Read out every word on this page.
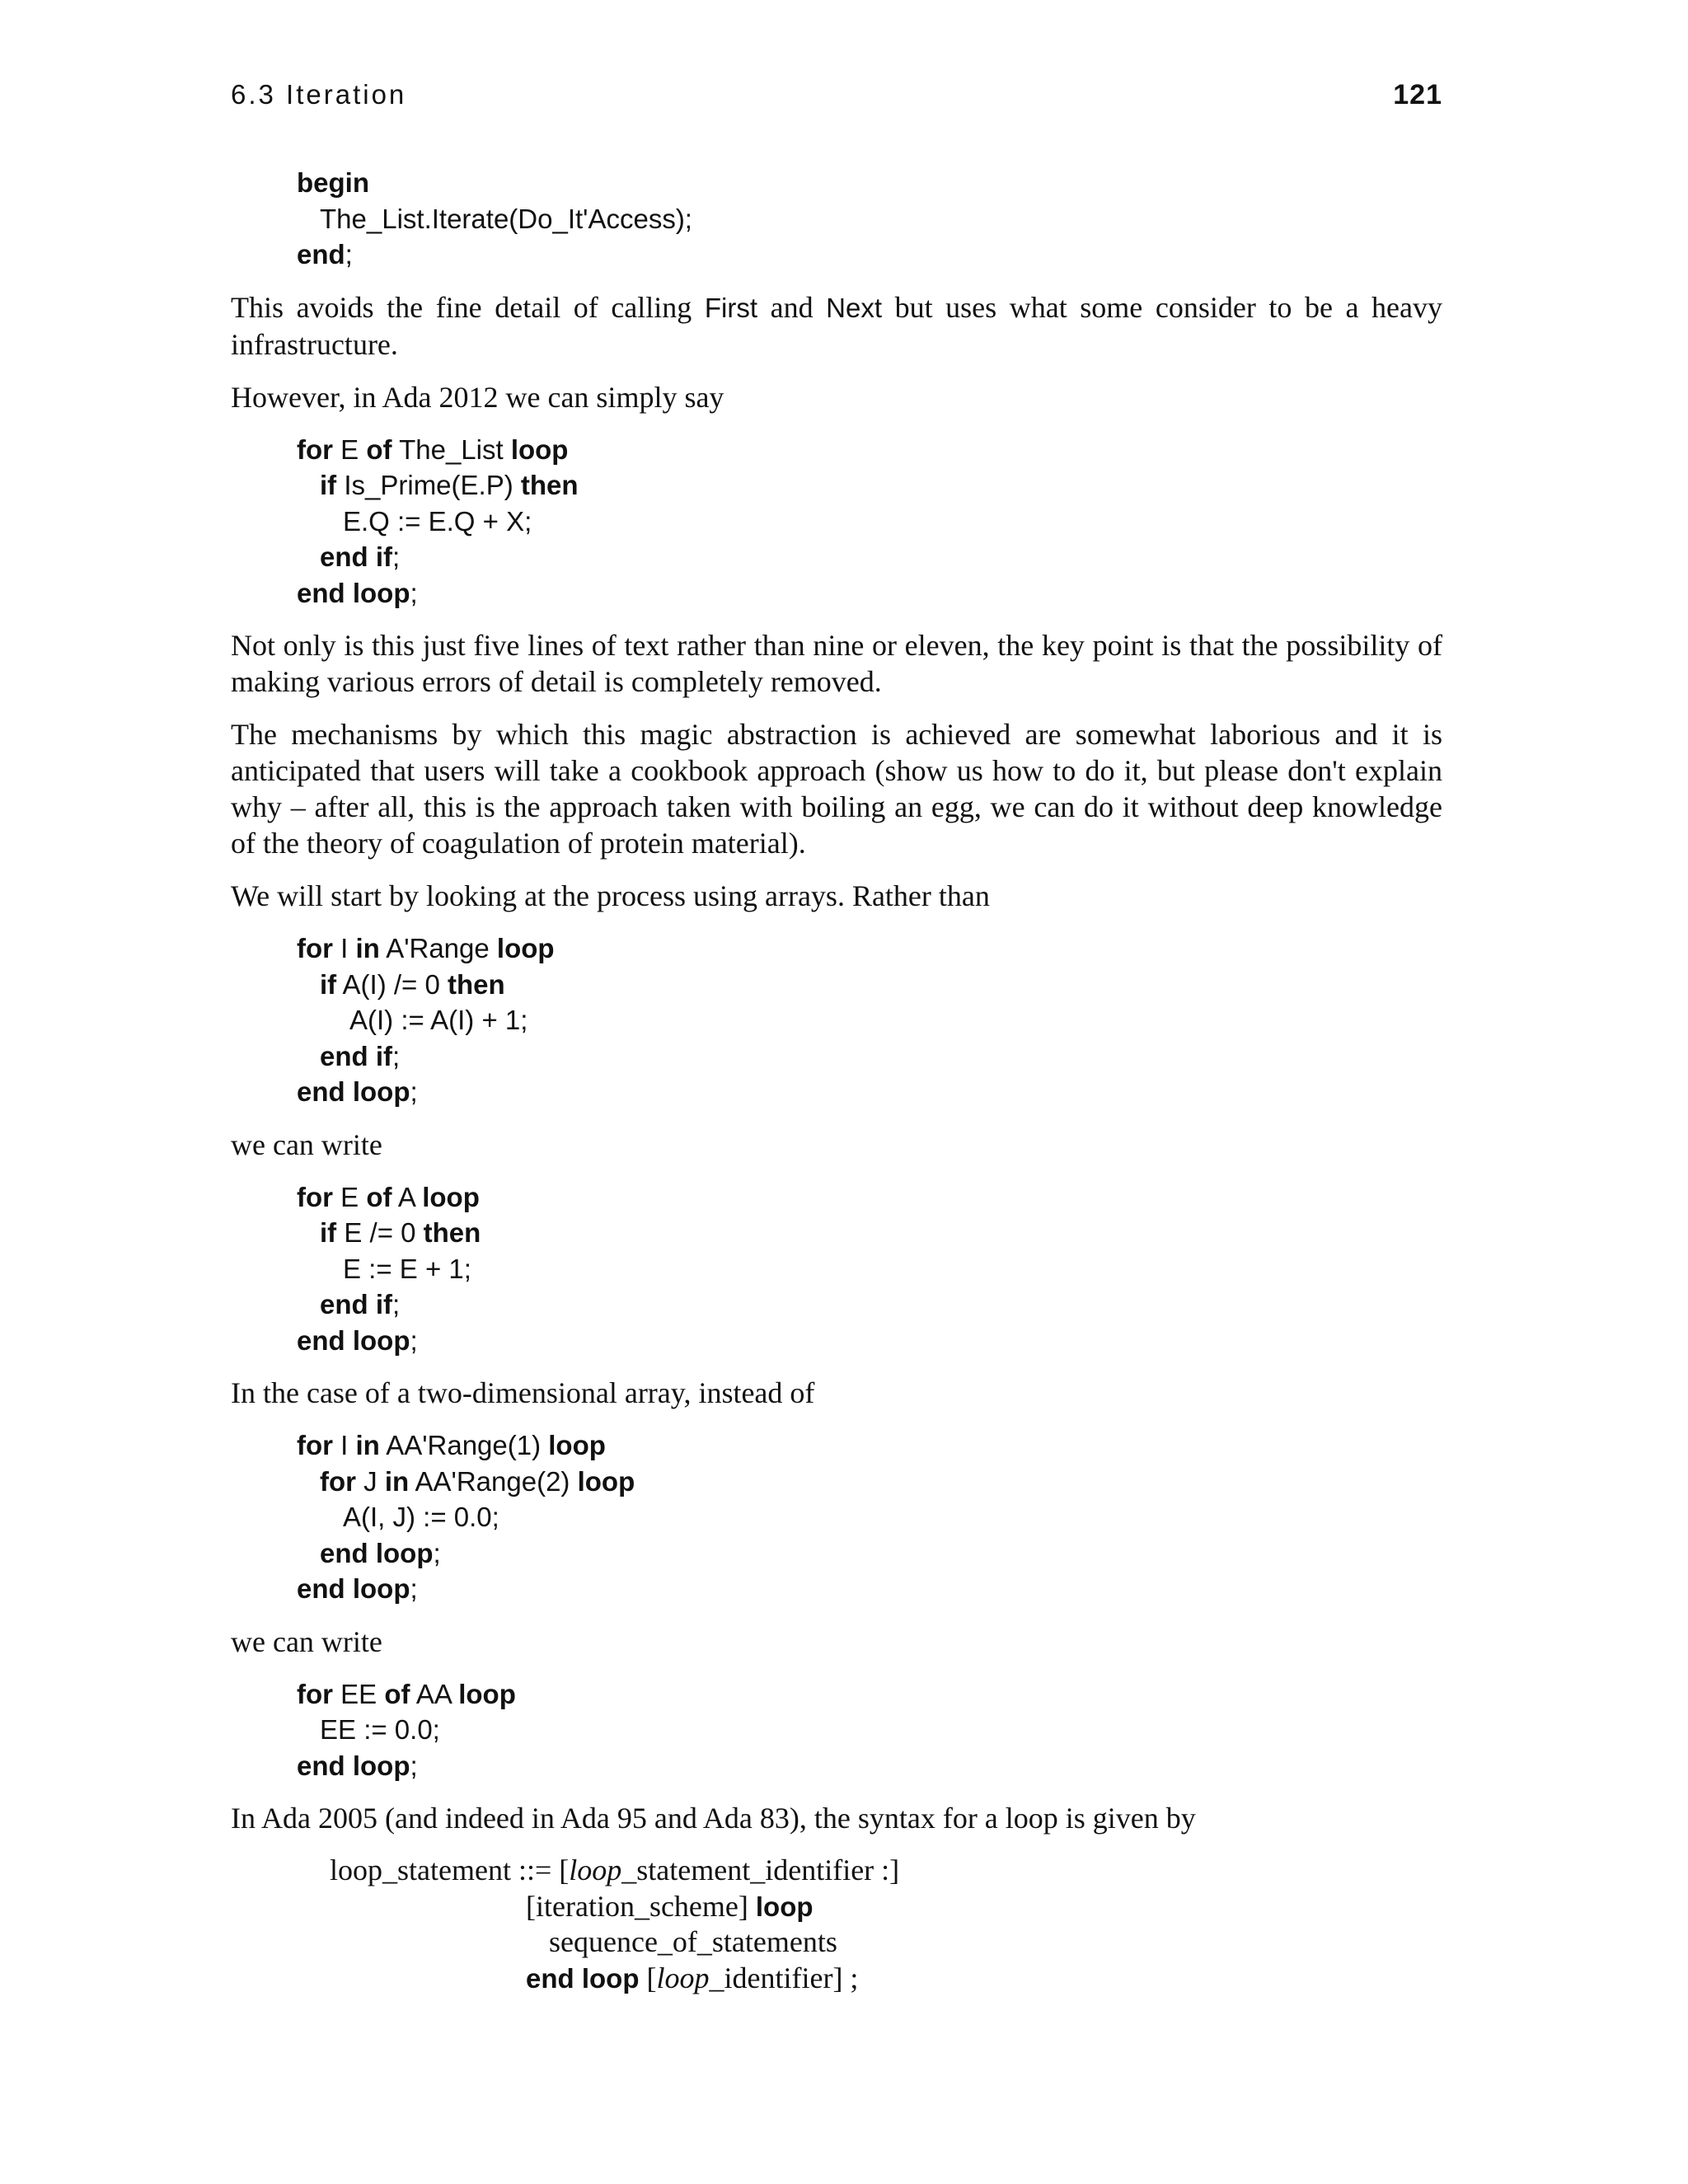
6.3 Iteration	121
begin
The_List.Iterate(Do_It'Access);
end;

This avoids the fine detail of calling First and Next but uses what some consider to be a heavy infrastructure.

However, in Ada 2012 we can simply say

for E of The_List loop
if Is_Prime(E.P) then
E.Q := E.Q + X;
end if;
end loop;

Not only is this just five lines of text rather than nine or eleven, the key point is that the possibility of making various errors of detail is completely removed.

The mechanisms by which this magic abstraction is achieved are somewhat laborious and it is anticipated that users will take a cookbook approach (show us how to do it, but please don't explain why – after all, this is the approach taken with boiling an egg, we can do it without deep knowledge of the theory of coagulation of protein material).

We will start by looking at the process using arrays. Rather than

for I in A'Range loop
if A(I) /= 0 then
A(I) := A(I) + 1;
end if;
end loop;

we can write

for E of A loop
if E /= 0 then
E := E + 1;
end if;
end loop;

In the case of a two-dimensional array, instead of

for I in AA'Range(1) loop
for J in AA'Range(2) loop
A(I, J) := 0.0;
end loop;
end loop;

we can write

for EE of AA loop
EE := 0.0;
end loop;

In Ada 2005 (and indeed in Ada 95 and Ada 83), the syntax for a loop is given by

loop_statement ::= [loop_statement_identifier :]
[iteration_scheme] loop
sequence_of_statements
end loop [loop_identifier] ;
